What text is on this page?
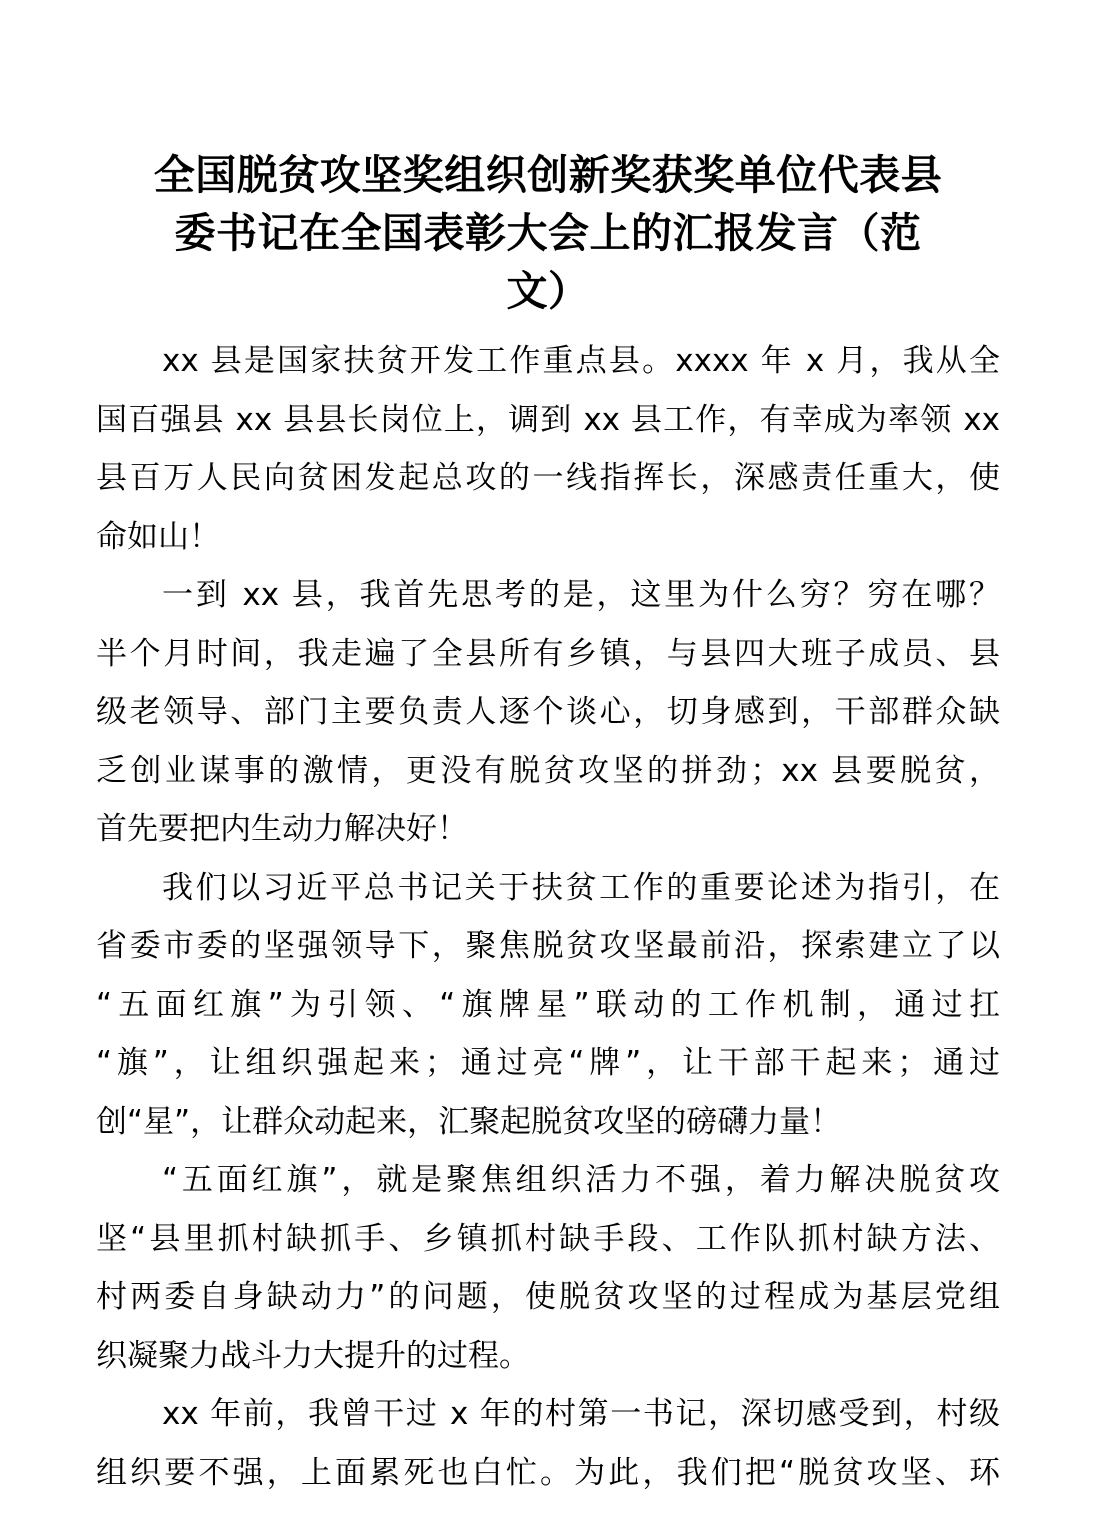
全国脱贫攻坚奖组织创新奖获奖单位代表县
委书记在全国表彰大会上的汇报发言（范
文）

xx 县是国家扶贫开发工作重点县。xxxx 年 x 月，我从全
国百强县 xx 县县长岗位上，调到 xx 县工作，有幸成为率领 xx
县百万人民向贫困发起总攻的一线指挥长，深感责任重大，使
命如山！

一到 xx 县，我首先思考的是，这里为什么穷？穷在哪？
半个月时间，我走遍了全县所有乡镇，与县四大班子成员、县
级老领导、部门主要负责人逐个谈心，切身感到，干部群众缺
乏创业谋事的激情，更没有脱贫攻坚的拼劲；xx 县要脱贫，
首先要把内生动力解决好！

我们以习近平总书记关于扶贫工作的重要论述为指引，在
省委市委的坚强领导下，聚焦脱贫攻坚最前沿，探索建立了以
“五面红旗”为引领、“旗牌星”联动的工作机制，通过扛
“旗”，让组织强起来；通过亮“牌”，让干部干起来；通过
创“星”，让群众动起来，汇聚起脱贫攻坚的磅礴力量！

“五面红旗”，就是聚焦组织活力不强，着力解决脱贫攻
坚“县里抓村缺抓手、乡镇抓村缺手段、工作队抓村缺方法、
村两委自身缺动力”的问题，使脱贫攻坚的过程成为基层党组
织凝聚力战斗力大提升的过程。

xx 年前，我曾干过 x 年的村第一书记，深切感受到，村级
组织要不强，上面累死也白忙。为此，我们把“脱贫攻坚、环
